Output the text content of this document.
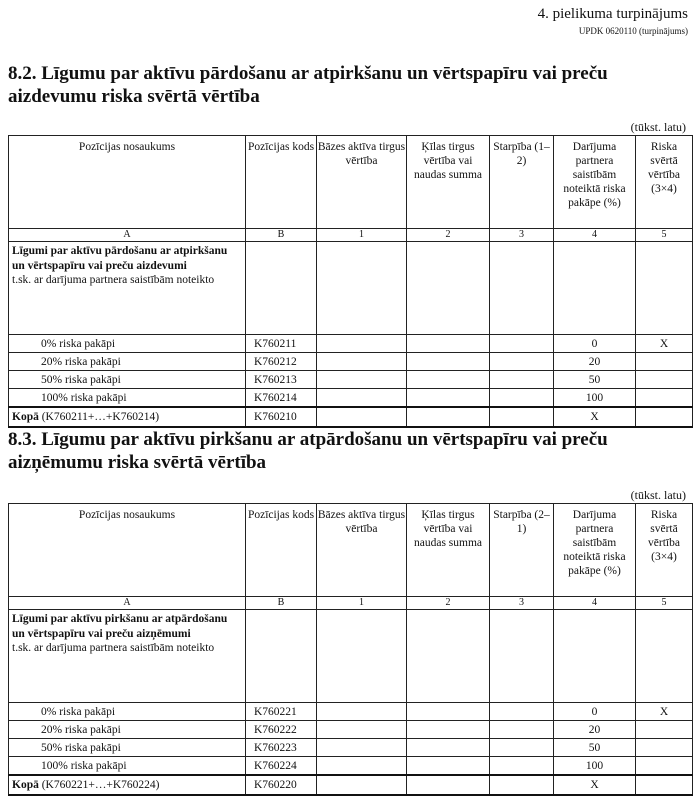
4. pielikuma turpinājums
UPDK 0620110 (turpinājums)
8.2. Līgumu par aktīvu pārdošanu ar atpirkšanu un vērtspapīru vai preču aizdevumu riska svērtā vērtība
(tūkst. latu)
Pozīcijas nosaukums	Pozīcijas kods	Bāzes aktīva tirgus vērtība	Ķīlas tirgus vērtība vai naudas summa	Starpība (1–2)	Darījuma partnera saistībām noteiktā riska pakāpe (%)	Riska svērtā vērtība (3×4)
A	B	1	2	3	4	5

Līgumi par aktīvu pārdošanu ar atpirkšanu un vērtspapīru vai preču aizdevumi
t.sk. ar darījuma partnera saistībām noteikto						

0% riska pakāpi	K760211				0	X
20% riska pakāpi	K760212				20	
50% riska pakāpi	K760213				50	
100% riska pakāpi	K760214				100	
Kopā (K760211+…+K760214)	K760210				X	
8.3. Līgumu par aktīvu pirkšanu ar atpārdošanu un vērtspapīru vai preču aizņēmumu riska svērtā vērtība
(tūkst. latu)
Pozīcijas nosaukums	Pozīcijas kods	Bāzes aktīva tirgus vērtība	Ķīlas tirgus vērtība vai naudas summa	Starpība (2–1)	Darījuma partnera saistībām noteiktā riska pakāpe (%)	Riska svērtā vērtība (3×4)
A	B	1	2	3	4	5

Līgumi par aktīvu pirkšanu ar atpārdošanu un vērtspapīru vai preču aizņēmumi
t.sk. ar darījuma partnera saistībām noteikto						

0% riska pakāpi	K760221				0	X
20% riska pakāpi	K760222				20	
50% riska pakāpi	K760223				50	
100% riska pakāpi	K760224				100	
Kopā (K760221+…+K760224)	K760220				X	
